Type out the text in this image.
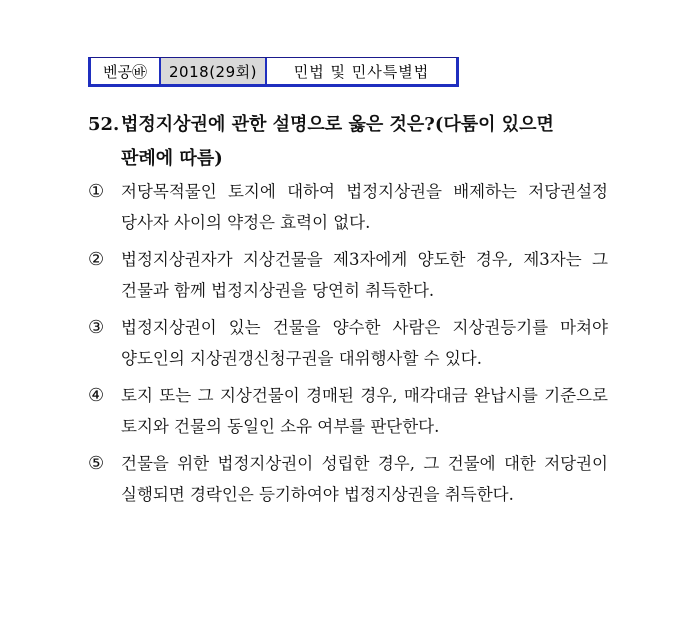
벤공㉳	2018(29회)	민법 및 민사특별법
52. 법정지상권에 관한 설명으로 옳은 것은?(다툼이 있으면 판례에 따름)
① 저당목적물인 토지에 대하여 법정지상권을 배제하는 저당권설정 당사자 사이의 약정은 효력이 없다.
② 법정지상권자가 지상건물을 제3자에게 양도한 경우, 제3자는 그 건물과 함께 법정지상권을 당연히 취득한다.
③ 법정지상권이 있는 건물을 양수한 사람은 지상권등기를 마쳐야 양도인의 지상권갱신청구권을 대위행사할 수 있다.
④ 토지 또는 그 지상건물이 경매된 경우, 매각대금 완납시를 기준으로 토지와 건물의 동일인 소유 여부를 판단한다.
⑤ 건물을 위한 법정지상권이 성립한 경우, 그 건물에 대한 저당권이 실행되면 경락인은 등기하여야 법정지상권을 취득한다.
